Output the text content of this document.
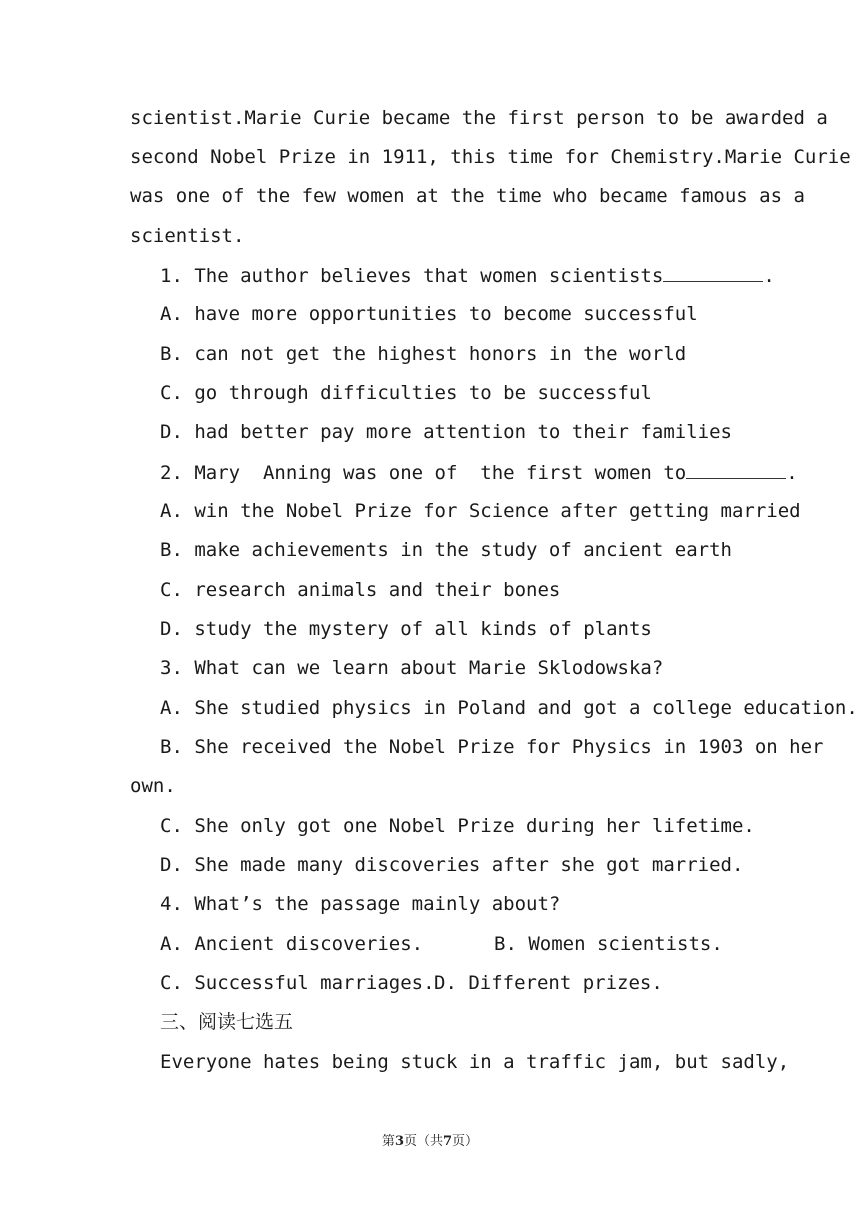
scientist.Marie Curie became the first person to be awarded a
second Nobel Prize in 1911, this time for Chemistry.Marie Curie
was one of the few women at the time who became famous as a
scientist.
1. The author believes that women scientists	.
A. have more opportunities to become successful
B. can not get the highest honors in the world
C. go through difficulties to be successful
D. had better pay more attention to their families
2. Mary  Anning was one of  the first women to	.
A. win the Nobel Prize for Science after getting married
B. make achievements in the study of ancient earth
C. research animals and their bones
D. study the mystery of all kinds of plants
3. What can we learn about Marie Sklodowska?
A. She studied physics in Poland and got a college education.
B. She received the Nobel Prize for Physics in 1903 on her
own.
C. She only got one Nobel Prize during her lifetime.
D. She made many discoveries after she got married.
4. What’s the passage mainly about?
A. Ancient discoveries.	B. Women scientists.
C. Successful marriages. D. Different prizes.
三、阅读七选五
Everyone hates being stuck in a traffic jam, but sadly,
第3页（共7页）
